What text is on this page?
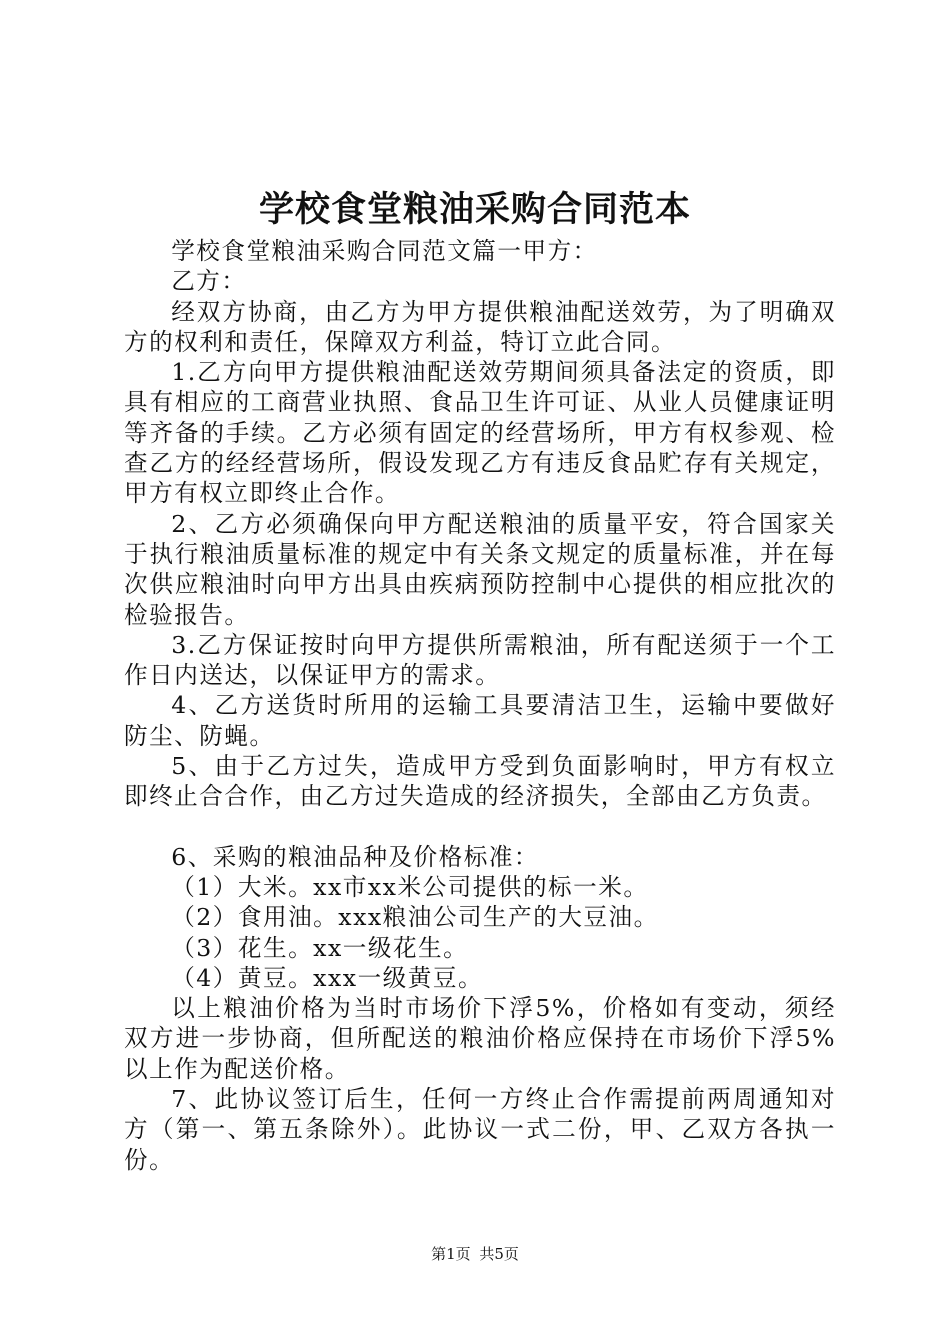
学校食堂粮油采购合同范本

学校食堂粮油采购合同范文篇一甲方：

乙方：

经双方协商，由乙方为甲方提供粮油配送效劳，为了明确双方的权利和责任，保障双方利益，特订立此合同。

1.乙方向甲方提供粮油配送效劳期间须具备法定的资质，即具有相应的工商营业执照、食品卫生许可证、从业人员健康证明等齐备的手续。乙方必须有固定的经营场所，甲方有权参观、检查乙方的经经营场所，假设发现乙方有违反食品贮存有关规定，甲方有权立即终止合作。

2、乙方必须确保向甲方配送粮油的质量平安，符合国家关于执行粮油质量标准的规定中有关条文规定的质量标准，并在每次供应粮油时向甲方出具由疾病预防控制中心提供的相应批次的检验报告。

3.乙方保证按时向甲方提供所需粮油，所有配送须于一个工作日内送达，以保证甲方的需求。

4、乙方送货时所用的运输工具要清洁卫生，运输中要做好防尘、防蝇。

5、由于乙方过失，造成甲方受到负面影响时，甲方有权立即终止合合作，由乙方过失造成的经济损失，全部由乙方负责。

6、采购的粮油品种及价格标准：

（1）大米。xx市xx米公司提供的标一米。

（2）食用油。xxx粮油公司生产的大豆油。

（3）花生。xx一级花生。

（4）黄豆。xxx一级黄豆。

以上粮油价格为当时市场价下浮5%，价格如有变动，须经双方进一步协商，但所配送的粮油价格应保持在市场价下浮5%以上作为配送价格。

7、此协议签订后生，任何一方终止合作需提前两周通知对方（第一、第五条除外）。此协议一式二份，甲、乙双方各执一份。

第1页 共5页
